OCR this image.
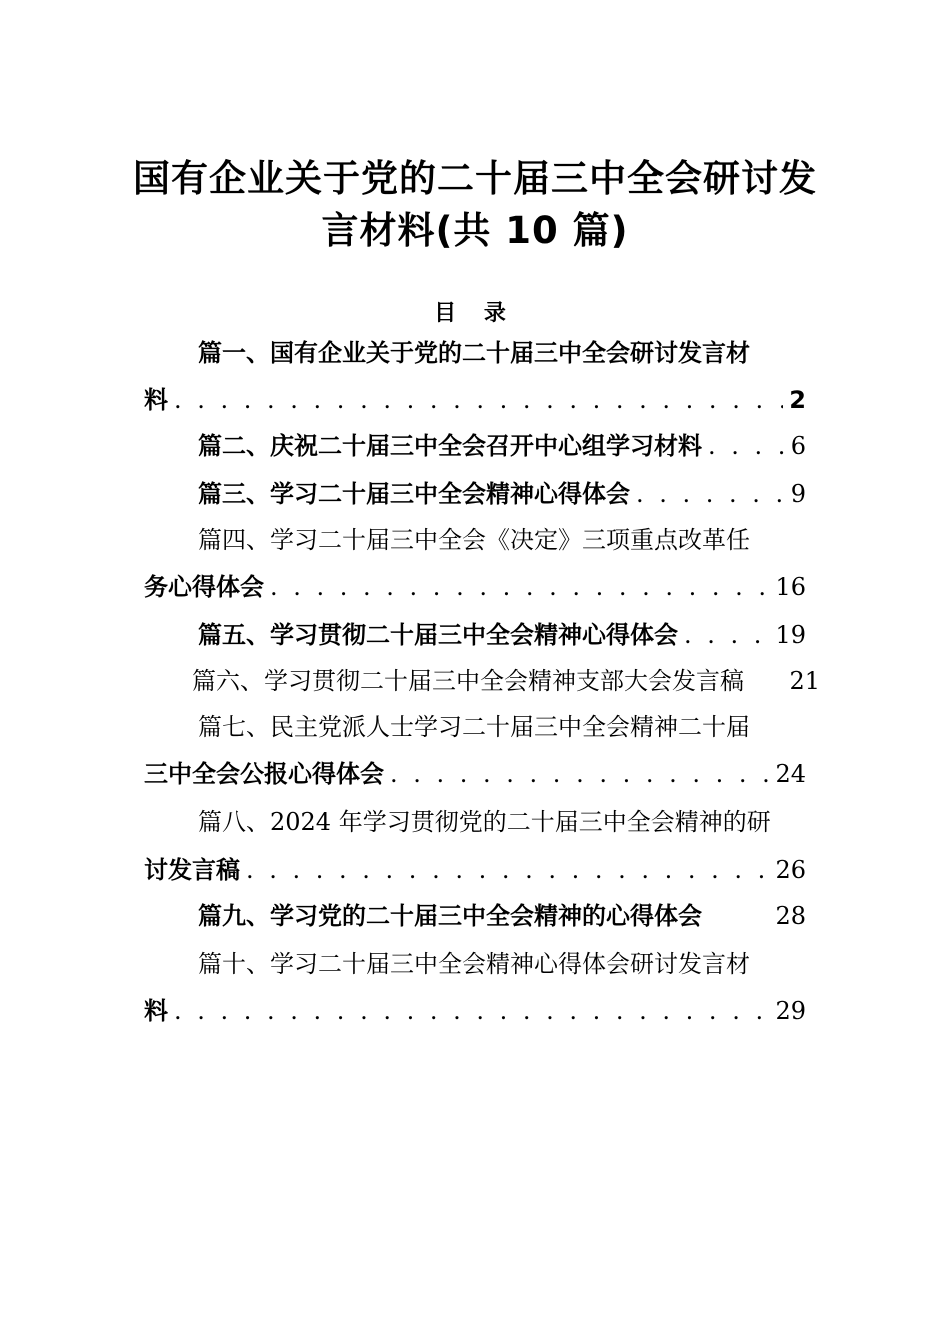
国有企业关于党的二十届三中全会研讨发
言材料(共 10 篇)
目 录
篇一、国有企业关于党的二十届三中全会研讨发言材
料 . . .	2
篇二、庆祝二十届三中全会召开中心组学习材料 . . .	6
篇三、学习二十届三中全会精神心得体会 . . .	9
篇四、学习二十届三中全会《决定》三项重点改革任
务心得体会 . . .	16
篇五、学习贯彻二十届三中全会精神心得体会 . . .	19
篇六、学习贯彻二十届三中全会精神支部大会发言稿 21
篇七、民主党派人士学习二十届三中全会精神二十届
三中全会公报心得体会 . . .	24
篇八、2024 年学习贯彻党的二十届三中全会精神的研
讨发言稿 . . .	26
篇九、学习党的二十届三中全会精神的心得体会	28
篇十、学习二十届三中全会精神心得体会研讨发言材
料 . . .	29
